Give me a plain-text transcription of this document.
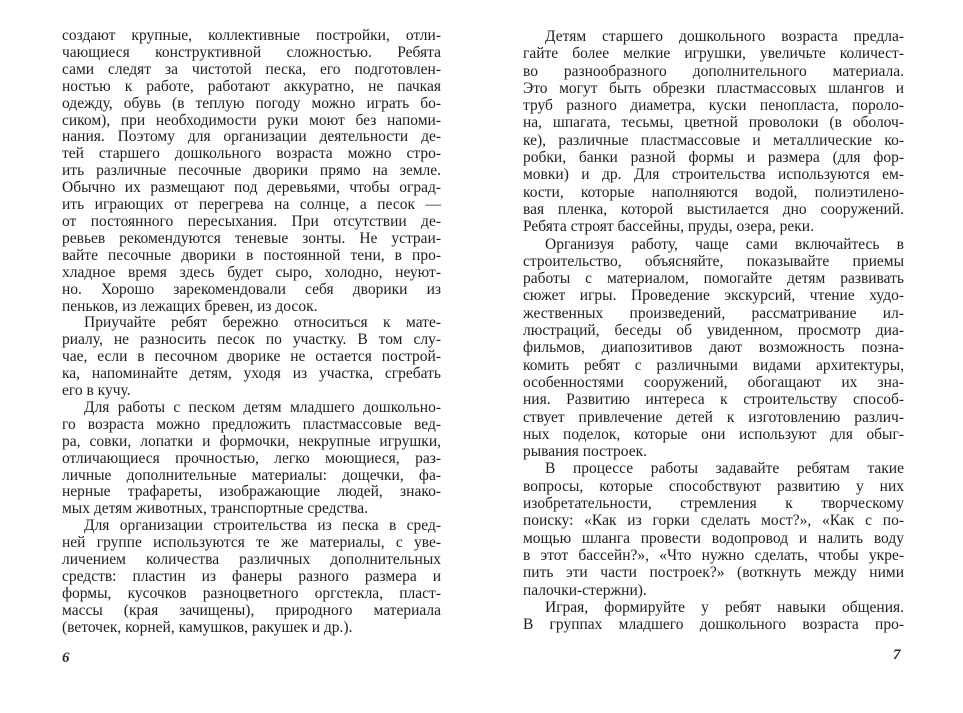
создают крупные, коллективные постройки, отли-
чающиеся конструктивной сложностью. Ребята
сами следят за чистотой песка, его подготовлен-
ностью к работе, работают аккуратно, не пачкая
одежду, обувь (в теплую погоду можно играть бо-
сиком), при необходимости руки моют без напоми-
нания. Поэтому для организации деятельности де-
тей старшего дошкольного возраста можно стро-
ить различные песочные дворики прямо на земле.
Обычно их размещают под деревьями, чтобы оград-
ить играющих от перегрева на солнце, а песок —
от постоянного пересыхания. При отсутствии де-
ревьев рекомендуются теневые зонты. Не устраи-
вайте песочные дворики в постоянной тени, в про-
хладное время здесь будет сыро, холодно, неуют-
но. Хорошо зарекомендовали себя дворики из
пеньков, из лежащих бревен, из досок.
Приучайте ребят бережно относиться к мате-
риалу, не разносить песок по участку. В том слу-
чае, если в песочном дворике не остается построй-
ка, напоминайте детям, уходя из участка, сгребать
его в кучу.
Для работы с песком детям младшего дошкольно-
го возраста можно предложить пластмассовые вед-
ра, совки, лопатки и формочки, некрупные игрушки,
отличающиеся прочностью, легко моющиеся, раз-
личные дополнительные материалы: дощечки, фа-
нерные трафареты, изображающие людей, знако-
мых детям животных, транспортные средства.
Для организации строительства из песка в сред-
ней группе используются те же материалы, с уве-
личением количества различных дополнительных
средств: пластин из фанеры разного размера и
формы, кусочков разноцветного оргстекла, пласт-
массы (края зачищены), природного материала
(веточек, корней, камушков, ракушек и др.).
6
Детям старшего дошкольного возраста предла-
гайте более мелкие игрушки, увеличьте количест-
во разнообразного дополнительного материала.
Это могут быть обрезки пластмассовых шлангов и
труб разного диаметра, куски пенопласта, пороло-
на, шпагата, тесьмы, цветной проволоки (в оболоч-
ке), различные пластмассовые и металлические ко-
робки, банки разной формы и размера (для фор-
мовки) и др. Для строительства используются ем-
кости, которые наполняются водой, полиэтилено-
вая пленка, которой выстилается дно сооружений.
Ребята строят бассейны, пруды, озера, реки.
Организуя работу, чаще сами включайтесь в
строительство, объясняйте, показывайте приемы
работы с материалом, помогайте детям развивать
сюжет игры. Проведение экскурсий, чтение худо-
жественных произведений, рассматривание ил-
люстраций, беседы об увиденном, просмотр диа-
фильмов, диапозитивов дают возможность позна-
комить ребят с различными видами архитектуры,
особенностями сооружений, обогащают их зна-
ния. Развитию интереса к строительству способ-
ствует привлечение детей к изготовлению различ-
ных поделок, которые они используют для обыг-
рывания построек.
В процессе работы задавайте ребятам такие
вопросы, которые способствуют развитию у них
изобретательности, стремления к творческому
поиску: «Как из горки сделать мост?», «Как с по-
мощью шланга провести водопровод и налить воду
в этот бассейн?», «Что нужно сделать, чтобы укре-
пить эти части построек?» (воткнуть между ними
палочки-стержни).
Играя, формируйте у ребят навыки общения.
В группах младшего дошкольного возраста про-
7
